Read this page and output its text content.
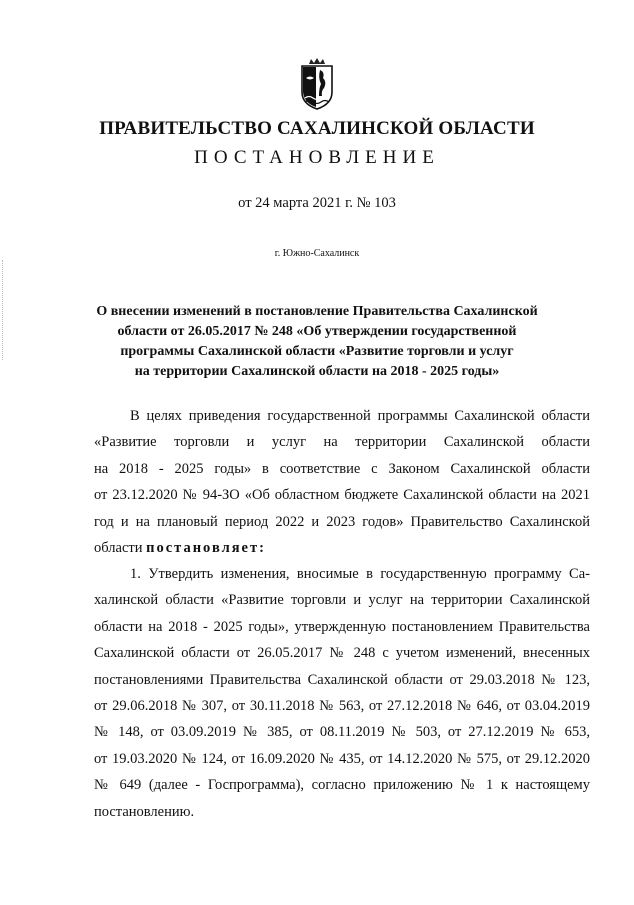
ПРАВИТЕЛЬСТВО САХАЛИНСКОЙ ОБЛАСТИ
ПОСТАНОВЛЕНИЕ
от 24 марта 2021 г. № 103
г. Южно-Сахалинск
О внесении изменений в постановление Правительства Сахалинской
области от 26.05.2017 № 248 «Об утверждении государственной
программы Сахалинской области «Развитие торговли и услуг
на территории Сахалинской области на 2018 - 2025 годы»
В целях приведения государственной программы Сахалинской области
«Развитие торговли и услуг на территории Сахалинской области
на 2018 - 2025 годы» в соответствие с Законом Сахалинской области
от 23.12.2020 № 94-ЗО «Об областном бюджете Сахалинской области на 2021
год и на плановый период 2022 и 2023 годов» Правительство Сахалинской
области постановляет:
1. Утвердить изменения, вносимые в государственную программу Са-
халинской области «Развитие торговли и услуг на территории Сахалинской
области на 2018 - 2025 годы», утвержденную постановлением Правительства
Сахалинской области от 26.05.2017 № 248 с учетом изменений, внесенных
постановлениями Правительства Сахалинской области от 29.03.2018 № 123,
от 29.06.2018 № 307, от 30.11.2018 № 563, от 27.12.2018 № 646, от 03.04.2019
№ 148, от 03.09.2019 № 385, от 08.11.2019 № 503, от 27.12.2019 № 653,
от 19.03.2020 № 124, от 16.09.2020 № 435, от 14.12.2020 № 575, от 29.12.2020
№ 649 (далее - Госпрограмма), согласно приложению № 1 к настоящему
постановлению.
